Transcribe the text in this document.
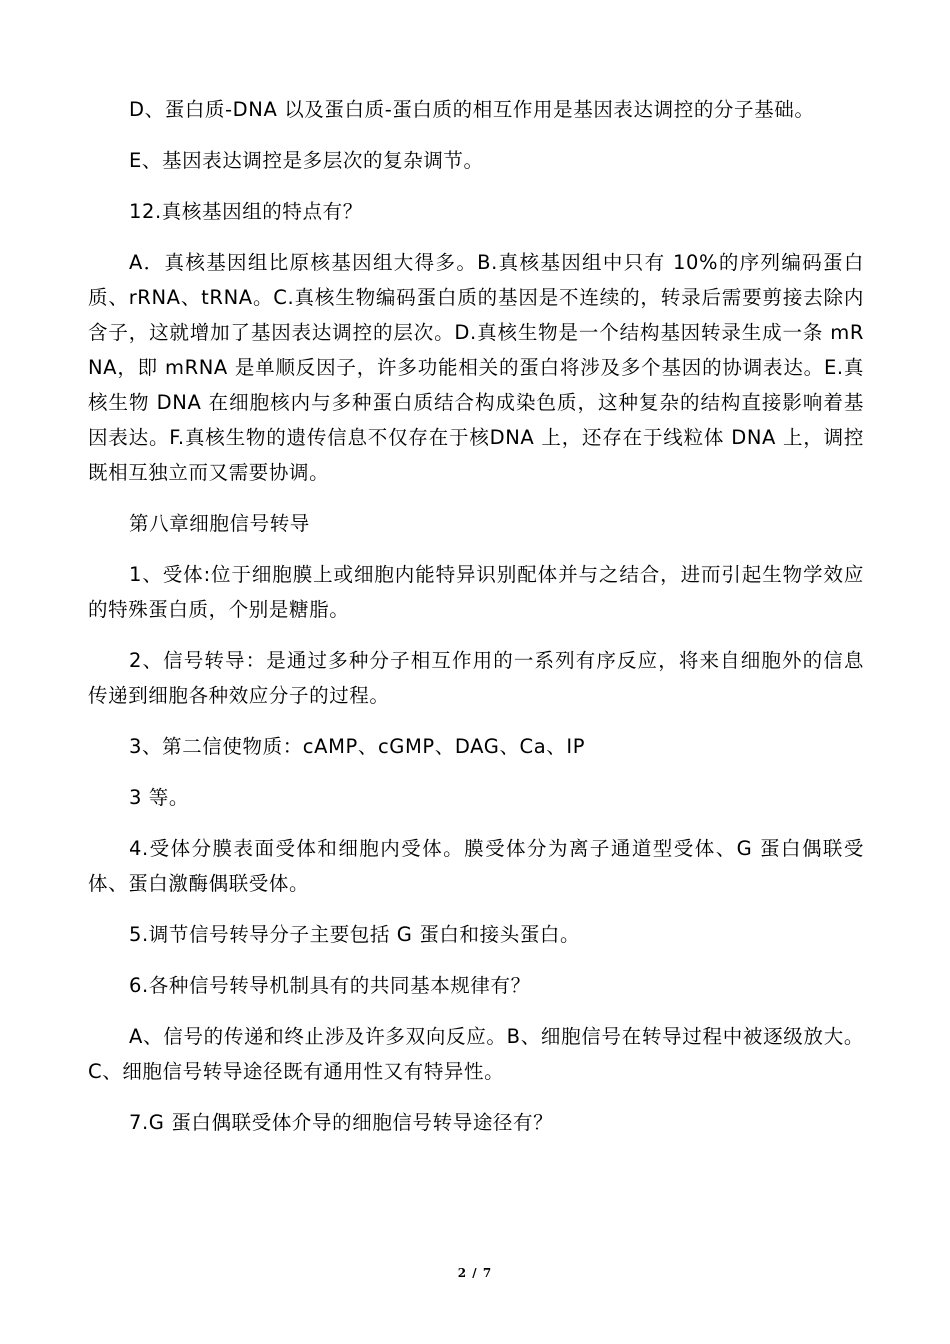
D、蛋白质-DNA 以及蛋白质-蛋白质的相互作用是基因表达调控的分子基础。

E、基因表达调控是多层次的复杂调节。

12.真核基因组的特点有？

A．真核基因组比原核基因组大得多。B.真核基因组中只有 10%的序列编码蛋白质、rRNA、tRNA。C.真核生物编码蛋白质的基因是不连续的，转录后需要剪接去除内含子，这就增加了基因表达调控的层次。D.真核生物是一个结构基因转录生成一条 mRNA，即 mRNA 是单顺反因子，许多功能相关的蛋白将涉及多个基因的协调表达。E.真核生物 DNA 在细胞核内与多种蛋白质结合构成染色质，这种复杂的结构直接影响着基因表达。F.真核生物的遗传信息不仅存在于核DNA 上，还存在于线粒体 DNA 上，调控既相互独立而又需要协调。

第八章细胞信号转导

1、受体:位于细胞膜上或细胞内能特异识别配体并与之结合，进而引起生物学效应的特殊蛋白质，个别是糖脂。

2、信号转导：是通过多种分子相互作用的一系列有序反应，将来自细胞外的信息传递到细胞各种效应分子的过程。

3、第二信使物质：cAMP、cGMP、DAG、Ca、IP

3 等。

4.受体分膜表面受体和细胞内受体。膜受体分为离子通道型受体、G 蛋白偶联受体、蛋白激酶偶联受体。

5.调节信号转导分子主要包括 G 蛋白和接头蛋白。

6.各种信号转导机制具有的共同基本规律有？

A、信号的传递和终止涉及许多双向反应。B、细胞信号在转导过程中被逐级放大。C、细胞信号转导途径既有通用性又有特异性。

7.G 蛋白偶联受体介导的细胞信号转导途径有？

2 / 7
